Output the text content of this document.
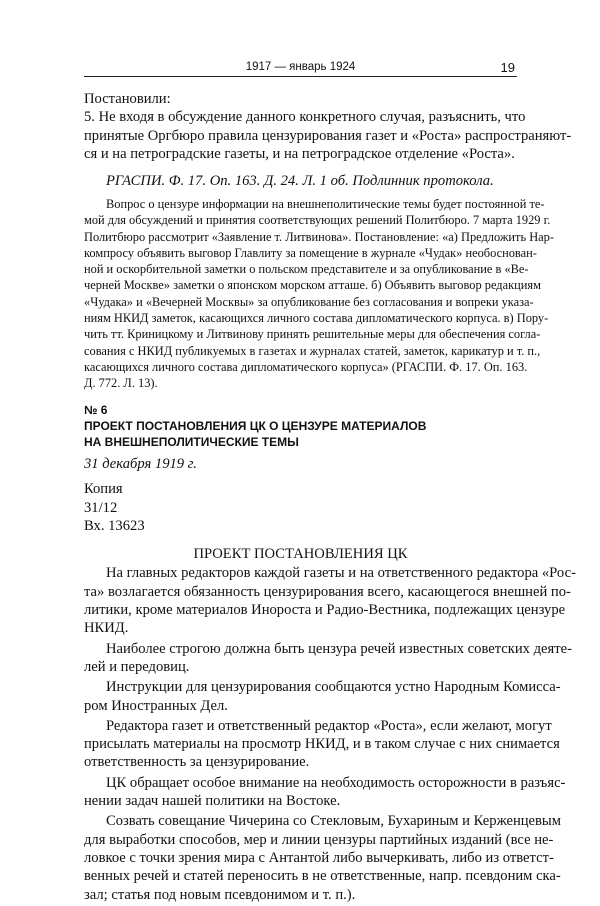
1917 — январь 1924	19
Постановили:
5. Не входя в обсуждение данного конкретного случая, разъяснить, что
принятые Оргбюро правила цензурирования газет и «Роста» распространяют-
ся и на петроградские газеты, и на петроградское отделение «Роста».
РГАСПИ. Ф. 17. Оп. 163. Д. 24. Л. 1 об. Подлинник протокола.
Вопрос о цензуре информации на внешнеполитические темы будет постоянной те-
мой для обсуждений и принятия соответствующих решений Политбюро. 7 марта 1929 г.
Политбюро рассмотрит «Заявление т. Литвинова». Постановление: «а) Предложить Нар-
компросу объявить выговор Главлиту за помещение в журнале «Чудак» необоснован-
ной и оскорбительной заметки о польском представителе и за опубликование в «Ве-
черней Москве» заметки о японском морском атташе. б) Объявить выговор редакциям
«Чудака» и «Вечерней Москвы» за опубликование без согласования и вопреки указа-
ниям НКИД заметок, касающихся личного состава дипломатического корпуса. в) Пору-
чить тт. Криницкому и Литвинову принять решительные меры для обеспечения согла-
сования с НКИД публикуемых в газетах и журналах статей, заметок, карикатур и т. п.,
касающихся личного состава дипломатического корпуса» (РГАСПИ. Ф. 17. Оп. 163.
Д. 772. Л. 13).
№ 6
ПРОЕКТ ПОСТАНОВЛЕНИЯ ЦК О ЦЕНЗУРЕ МАТЕРИАЛОВ
НА ВНЕШНЕПОЛИТИЧЕСКИЕ ТЕМЫ
31 декабря 1919 г.
Копия
31/12
Вх. 13623
ПРОЕКТ ПОСТАНОВЛЕНИЯ ЦК
На главных редакторов каждой газеты и на ответственного редактора «Рос-
та» возлагается обязанность цензурирования всего, касающегося внешней по-
литики, кроме материалов Инороста и Радио-Вестника, подлежащих цензуре
НКИД.
Наиболее строгою должна быть цензура речей известных советских деяте-
лей и передовиц.
Инструкции для цензурирования сообщаются устно Народным Комисса-
ром Иностранных Дел.
Редактора газет и ответственный редактор «Роста», если желают, могут
присылать материалы на просмотр НКИД, и в таком случае с них снимается
ответственность за цензурирование.
ЦК обращает особое внимание на необходимость осторожности в разъяс-
нении задач нашей политики на Востоке.
Созвать совещание Чичерина со Стекловым, Бухариным и Керженцевым
для выработки способов, мер и линии цензуры партийных изданий (все не-
ловкое с точки зрения мира с Антантой либо вычеркивать, либо из ответст-
венных речей и статей переносить в не ответственные, напр. псевдоним ска-
зал; статья под новым псевдонимом и т. п.).
